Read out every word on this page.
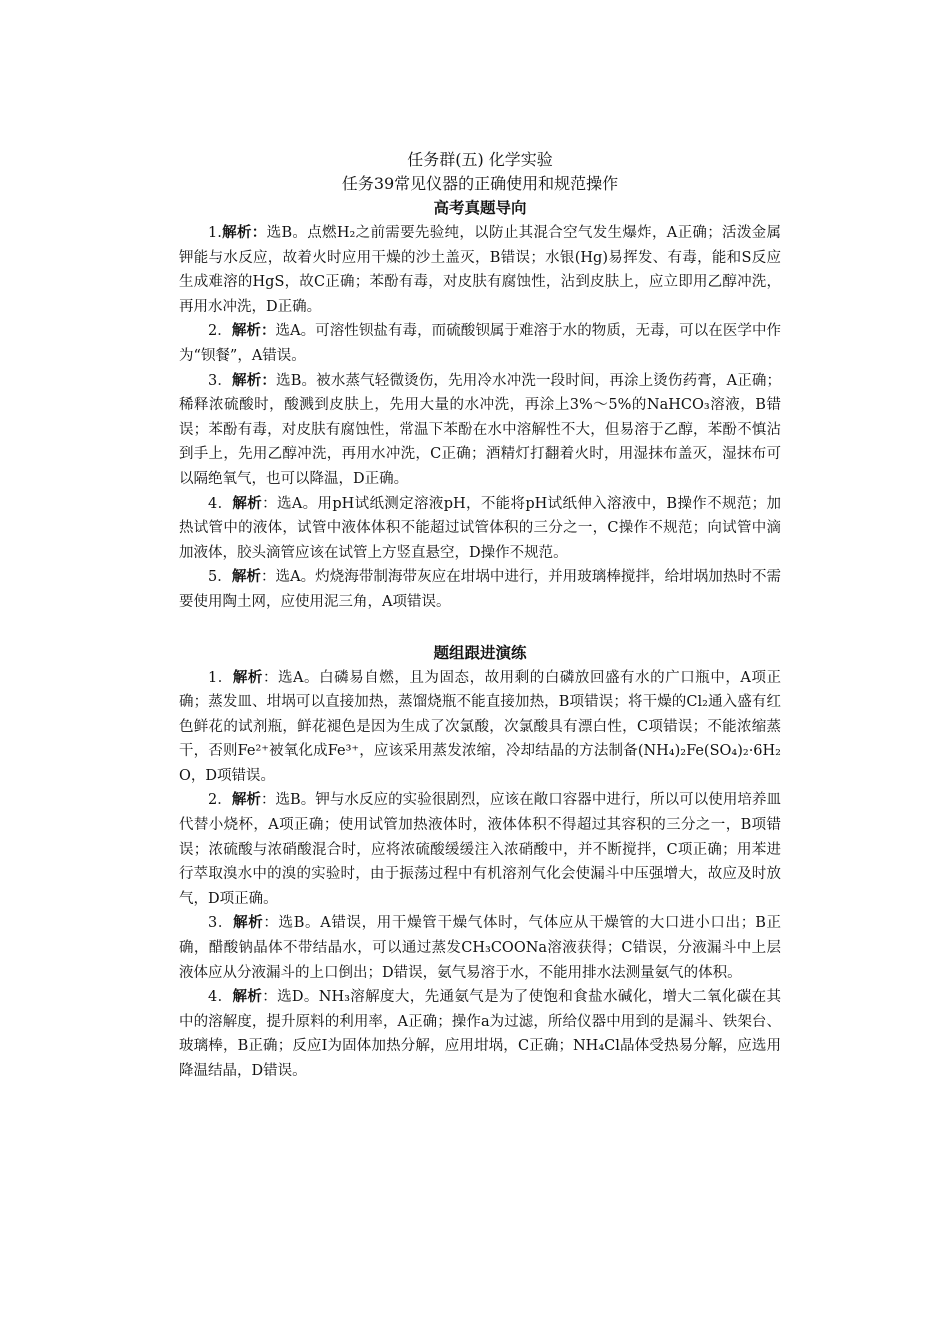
任务群(五) 化学实验

任务39常见仪器的正确使用和规范操作

高考真题导向

1.解析：选B。点燃H₂之前需要先验纯，以防止其混合空气发生爆炸，A正确；活泼金属钾能与水反应，故着火时应用干燥的沙土盖灭，B错误；水银(Hg)易挥发、有毒，能和S反应生成难溶的HgS，故C正确；苯酚有毒，对皮肤有腐蚀性，沾到皮肤上，应立即用乙醇冲洗，再用水冲洗，D正确。

2．解析：选A。可溶性钡盐有毒，而硫酸钡属于难溶于水的物质，无毒，可以在医学中作为“钡餐”，A错误。

3．解析：选B。被水蒸气轻微烫伤，先用冷水冲洗一段时间，再涂上烫伤药膏，A正确；稀释浓硫酸时，酸溅到皮肤上，先用大量的水冲洗，再涂上3%～5%的NaHCO₃溶液，B错误；苯酚有毒，对皮肤有腐蚀性，常温下苯酚在水中溶解性不大，但易溶于乙醇，苯酚不慎沾到手上，先用乙醇冲洗，再用水冲洗，C正确；酒精灯打翻着火时，用湿抹布盖灭，湿抹布可以隔绝氧气，也可以降温，D正确。

4．解析：选A。用pH试纸测定溶液pH，不能将pH试纸伸入溶液中，B操作不规范；加热试管中的液体，试管中液体体积不能超过试管体积的三分之一，C操作不规范；向试管中滴加液体，胶头滴管应该在试管上方竖直悬空，D操作不规范。

5．解析：选A。灼烧海带制海带灰应在坩埚中进行，并用玻璃棒搅拌，给坩埚加热时不需要使用陶土网，应使用泥三角，A项错误。

题组跟进演练

1．解析：选A。白磷易自燃，且为固态，故用剩的白磷放回盛有水的广口瓶中，A项正确；蒸发皿、坩埚可以直接加热，蒸馏烧瓶不能直接加热，B项错误；将干燥的Cl₂通入盛有红色鲜花的试剂瓶，鲜花褪色是因为生成了次氯酸，次氯酸具有漂白性，C项错误；不能浓缩蒸干，否则Fe²⁺被氧化成Fe³⁺，应该采用蒸发浓缩，冷却结晶的方法制备(NH₄)₂Fe(SO₄)₂·6H₂O，D项错误。

2．解析：选B。钾与水反应的实验很剧烈，应该在敞口容器中进行，所以可以使用培养皿代替小烧杯，A项正确；使用试管加热液体时，液体体积不得超过其容积的三分之一，B项错误；浓硫酸与浓硝酸混合时，应将浓硫酸缓缓注入浓硝酸中，并不断搅拌，C项正确；用苯进行萃取溴水中的溴的实验时，由于振荡过程中有机溶剂气化会使漏斗中压强增大，故应及时放气，D项正确。

3．解析：选B。A错误，用干燥管干燥气体时，气体应从干燥管的大口进小口出；B正确，醋酸钠晶体不带结晶水，可以通过蒸发CH₃COONa溶液获得；C错误，分液漏斗中上层液体应从分液漏斗的上口倒出；D错误，氨气易溶于水，不能用排水法测量氨气的体积。

4．解析：选D。NH₃溶解度大，先通氨气是为了使饱和食盐水碱化，增大二氧化碳在其中的溶解度，提升原料的利用率，A正确；操作a为过滤，所给仪器中用到的是漏斗、铁架台、玻璃棒，B正确；反应Ⅰ为固体加热分解，应用坩埚，C正确；NH₄Cl晶体受热易分解，应选用降温结晶，D错误。
